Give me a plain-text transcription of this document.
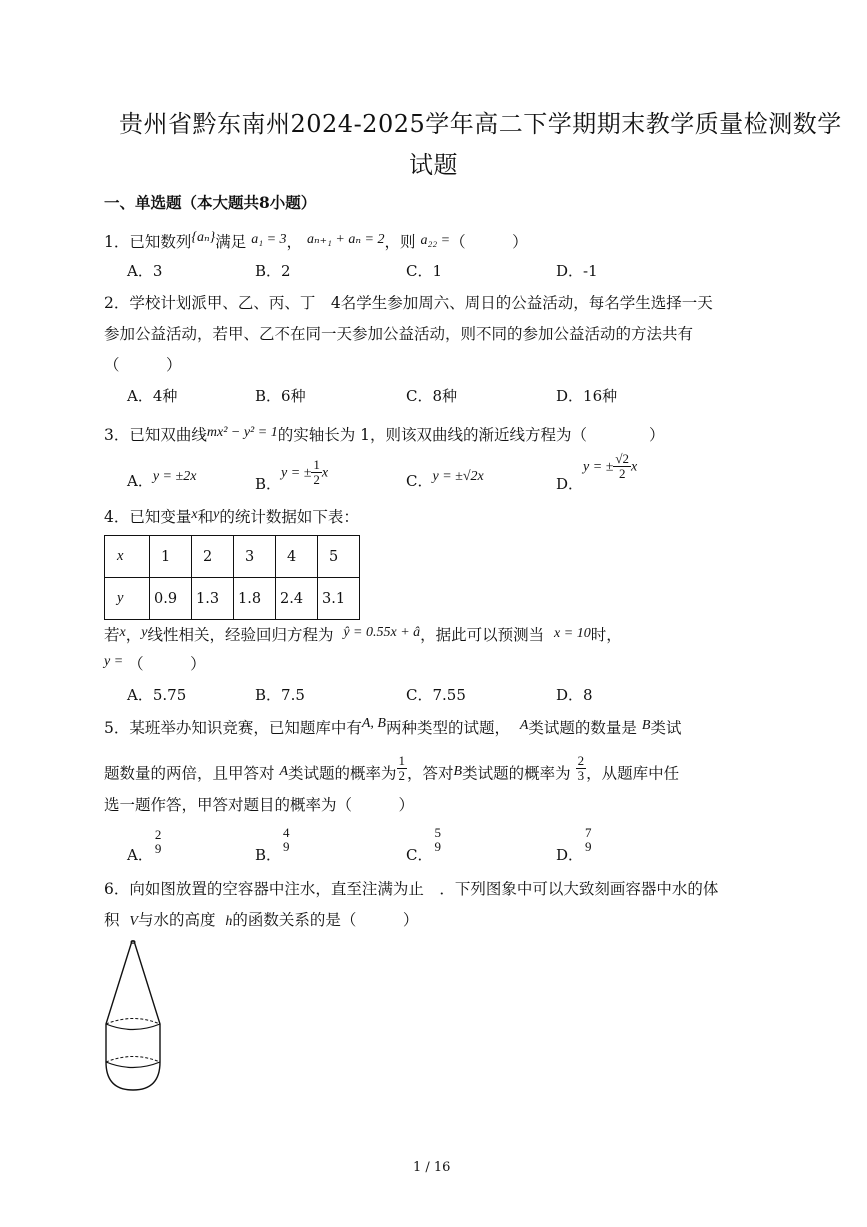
贵州省黔东南州2024-2025学年高二下学期期末教学质量检测数学
试题
一、单选题（本大题共8小题）
1．已知数列{aₙ}满足 a₁ = 3， aₙ₊₁ + aₙ = 2，则 a₂₂ =（　　　）
A．3	B．2	C．1	D．-1
2．学校计划派甲、乙、丙、丁　4名学生参加周六、周日的公益活动，每名学生选择一天
参加公益活动，若甲、乙不在同一天参加公益活动，则不同的参加公益活动的方法共有
（　　　）
A．4种	B．6种	C．8种	D．16种
3．已知双曲线mx² − y² = 1的实轴长为 1，则该双曲线的渐近线方程为（　　　　）
A．y = ±2x	B．y = ± $\frac{1}{2}$ x	C．y = ±√2x	D．y = ± $\frac{√2}{2}$ x
4．已知变量x和y的统计数据如下表：
x	1	2	3	4	5
y	0.9	1.3	1.8	2.4	3.1
若x，y线性相关，经验回归方程为 ŷ = 0.55x + â，据此可以预测当 x = 10时，
y = （　　　）
A．5.75	B．7.5	C．7.55	D．8
5．某班举办知识竞赛，已知题库中有A, B两种类型的试题， A类试题的数量是 B类试
题数量的两倍，且甲答对 A类试题的概率为 $\frac{1}{2}$ ，答对B类试题的概率为 $\frac{2}{3}$ ，从题库中任
选一题作答，甲答对题目的概率为（　　　）
A．
2
9	B．
4
9	C．
5
9	D．
7
9
6．向如图放置的空容器中注水，直至注满为止　．下列图象中可以大致刻画容器中水的体
积 V与水的高度 h的函数关系的是（　　　）
1 / 16
